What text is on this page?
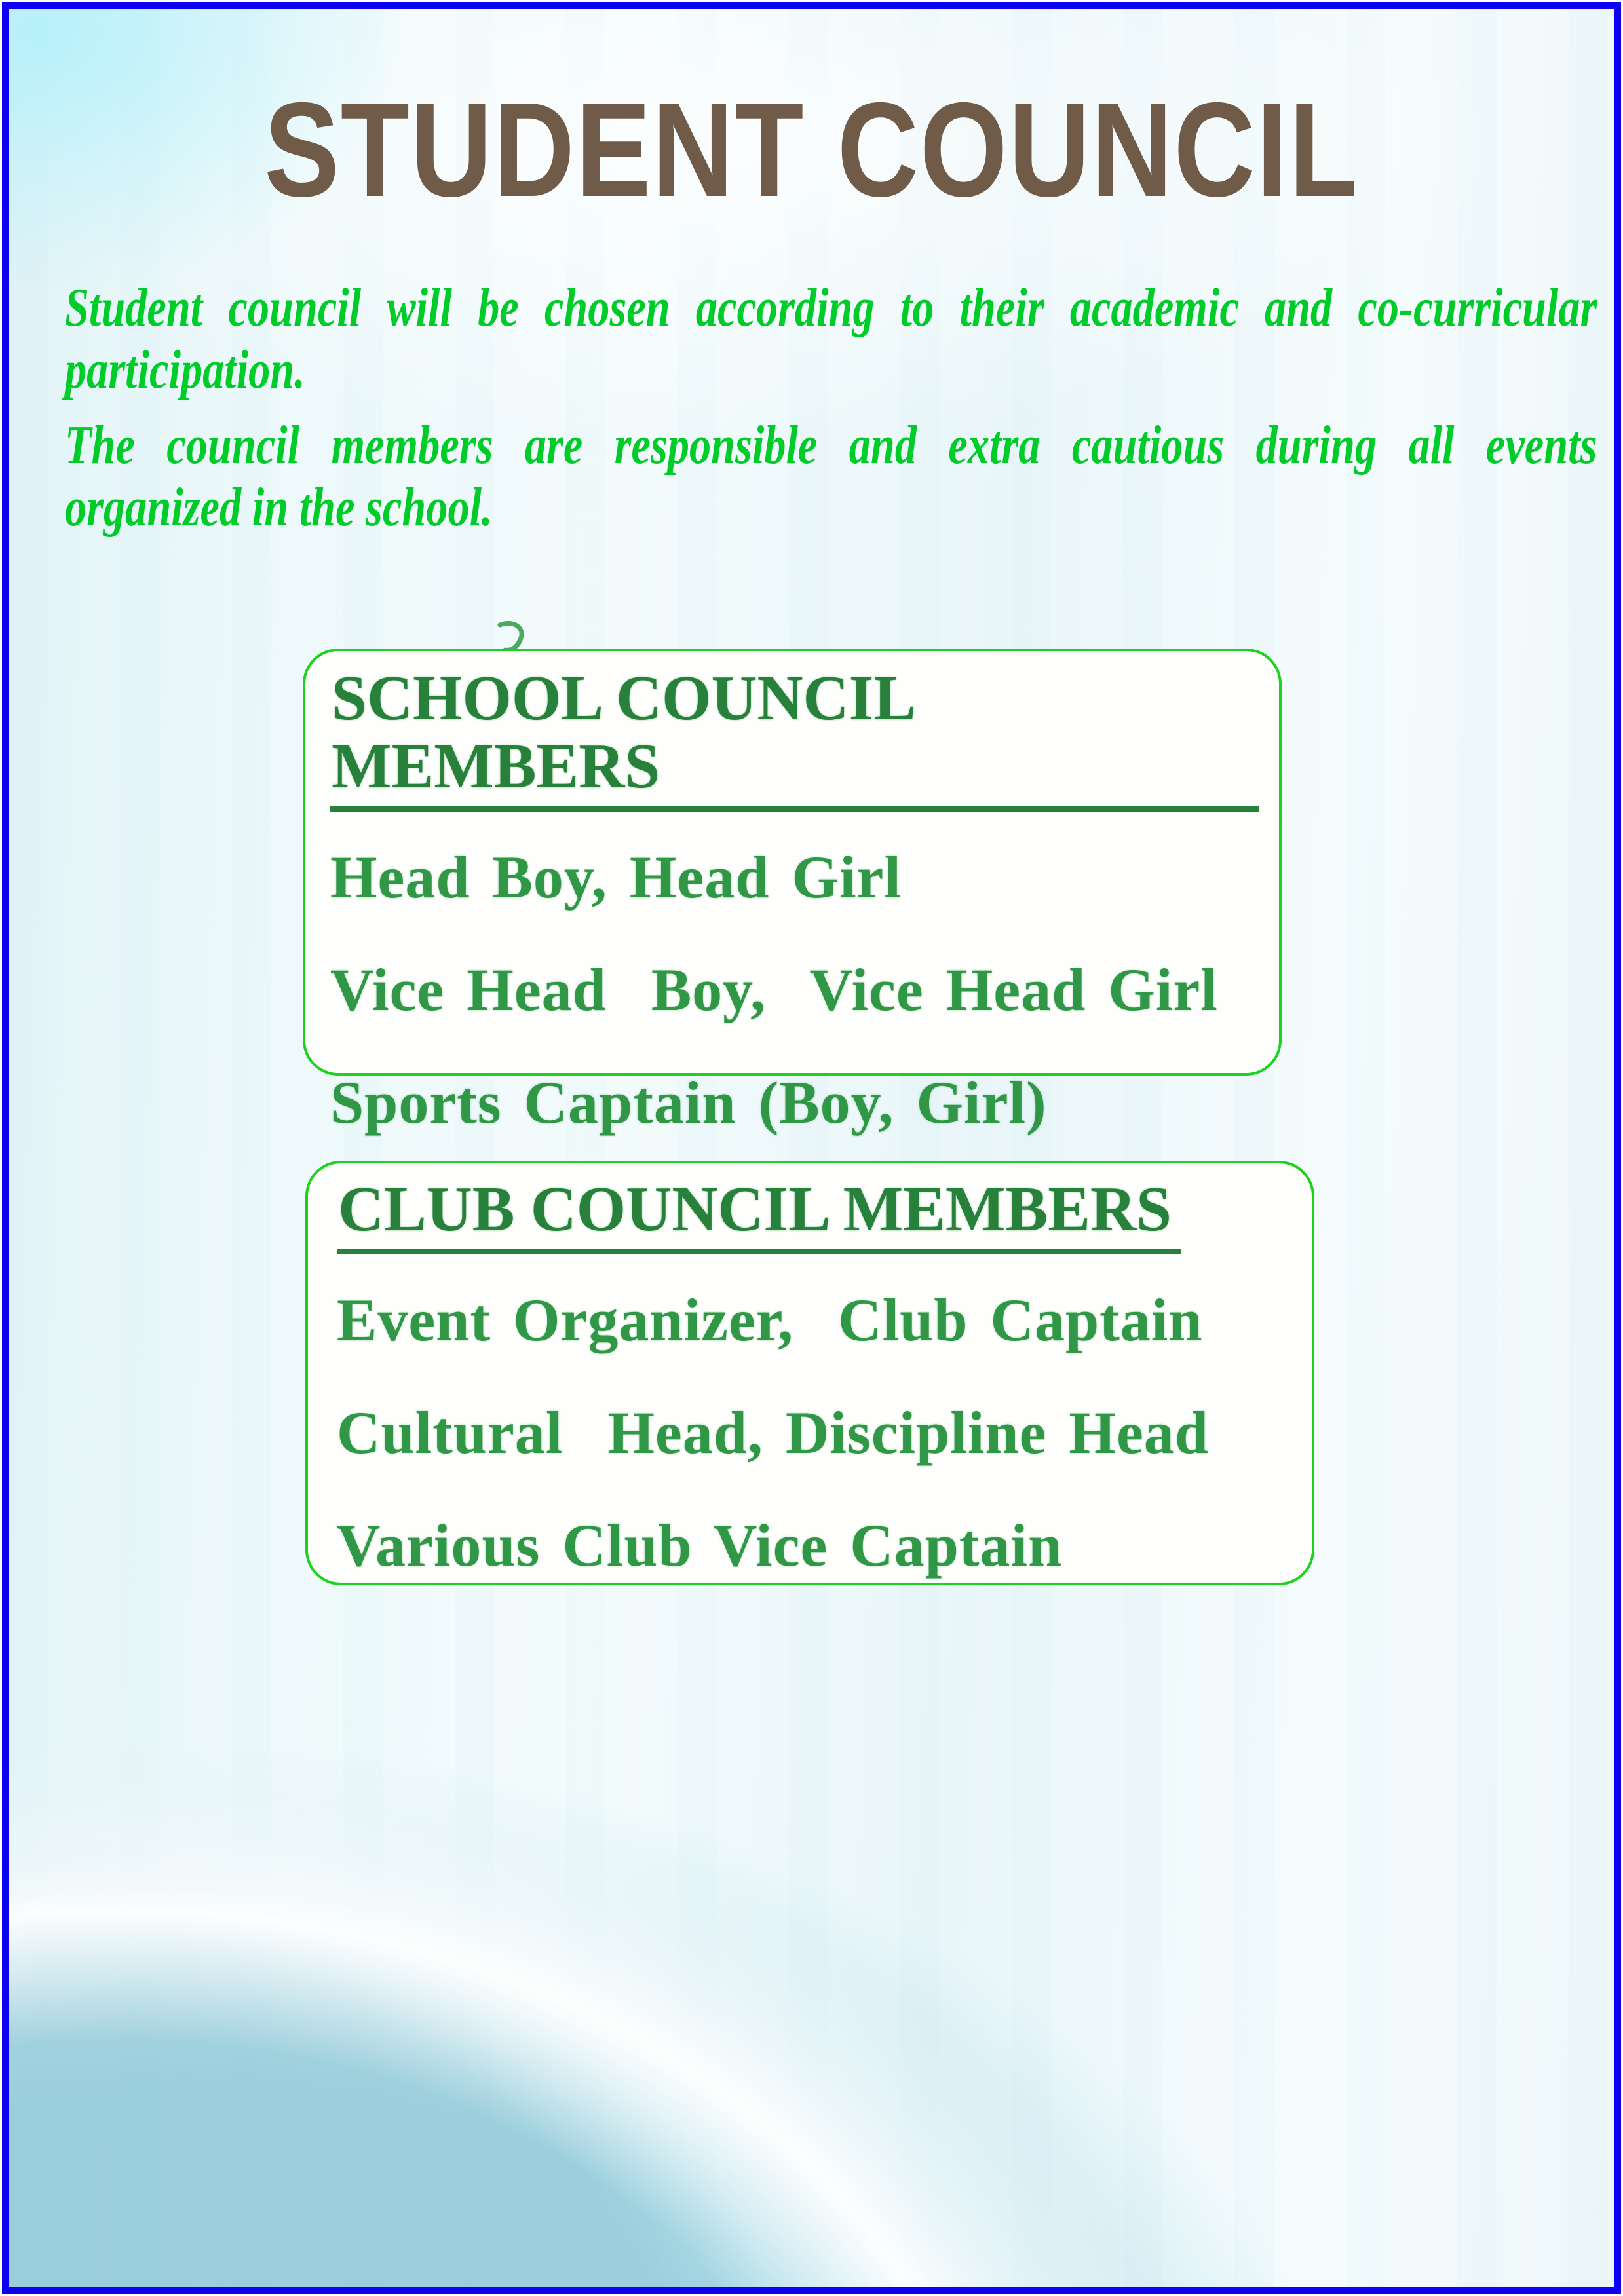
STUDENT COUNCIL
Student council will be chosen according to their academic and co-curricular
participation.
The council members are responsible and extra cautious during all events
organized in the school.
SCHOOL COUNCIL MEMBERS
Head Boy, Head Girl
Vice Head  Boy,  Vice Head Girl
Sports Captain (Boy, Girl)
CLUB COUNCIL MEMBERS
Event Organizer,  Club Captain
Cultural  Head, Discipline Head
Various Club Vice Captain
